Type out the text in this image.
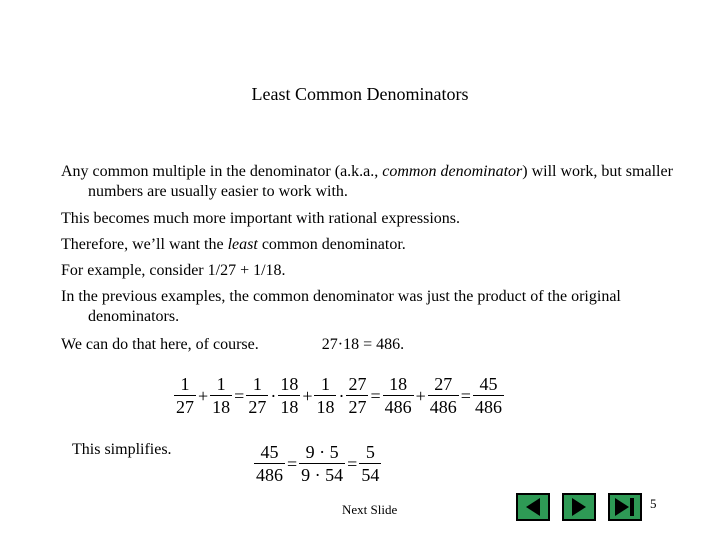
Least Common Denominators

Any common multiple in the denominator (a.k.a., common denominator) will work, but smaller numbers are usually easier to work with.

This becomes much more important with rational expressions.

Therefore, we’ll want the least common denominator.

For example, consider 1/27 + 1/18.

In the previous examples, the common denominator was just the product of the original denominators.

We can do that here, of course.	27·18 = 486.

$\frac{1}{27} + \frac{1}{18} = \frac{1}{27} \cdot \frac{18}{18} + \frac{1}{18} \cdot \frac{27}{27} = \frac{18}{486} + \frac{27}{486} = \frac{45}{486}$
This simplifies.	$\frac{45}{486} = \frac{9 \cdot 5}{9 \cdot 54} = \frac{5}{54}$
Next Slide	5
